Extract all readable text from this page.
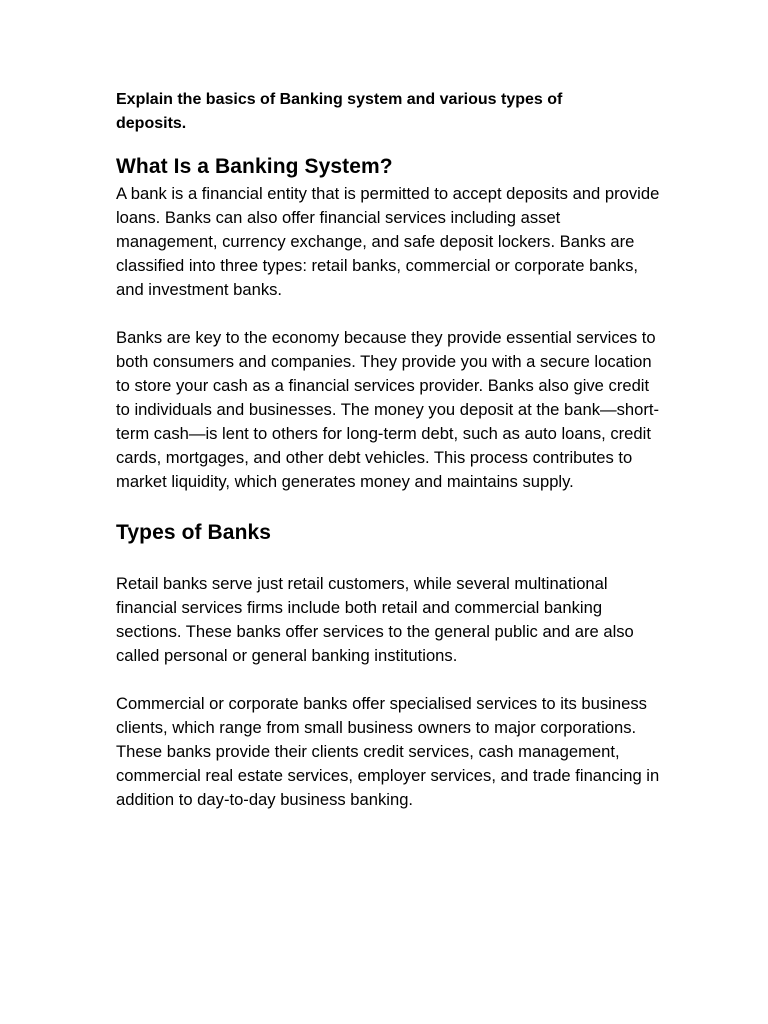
Explain the basics of Banking system and various types of deposits.

What Is a Banking System?

A bank is a financial entity that is permitted to accept deposits and provide loans. Banks can also offer financial services including asset management, currency exchange, and safe deposit lockers. Banks are classified into three types: retail banks, commercial or corporate banks, and investment banks.

Banks are key to the economy because they provide essential services to both consumers and companies. They provide you with a secure location to store your cash as a financial services provider. Banks also give credit to individuals and businesses. The money you deposit at the bank—short-term cash—is lent to others for long-term debt, such as auto loans, credit cards, mortgages, and other debt vehicles. This process contributes to market liquidity, which generates money and maintains supply.

Types of Banks

Retail banks serve just retail customers, while several multinational financial services firms include both retail and commercial banking sections. These banks offer services to the general public and are also called personal or general banking institutions.

Commercial or corporate banks offer specialised services to its business clients, which range from small business owners to major corporations. These banks provide their clients credit services, cash management, commercial real estate services, employer services, and trade financing in addition to day-to-day business banking.
